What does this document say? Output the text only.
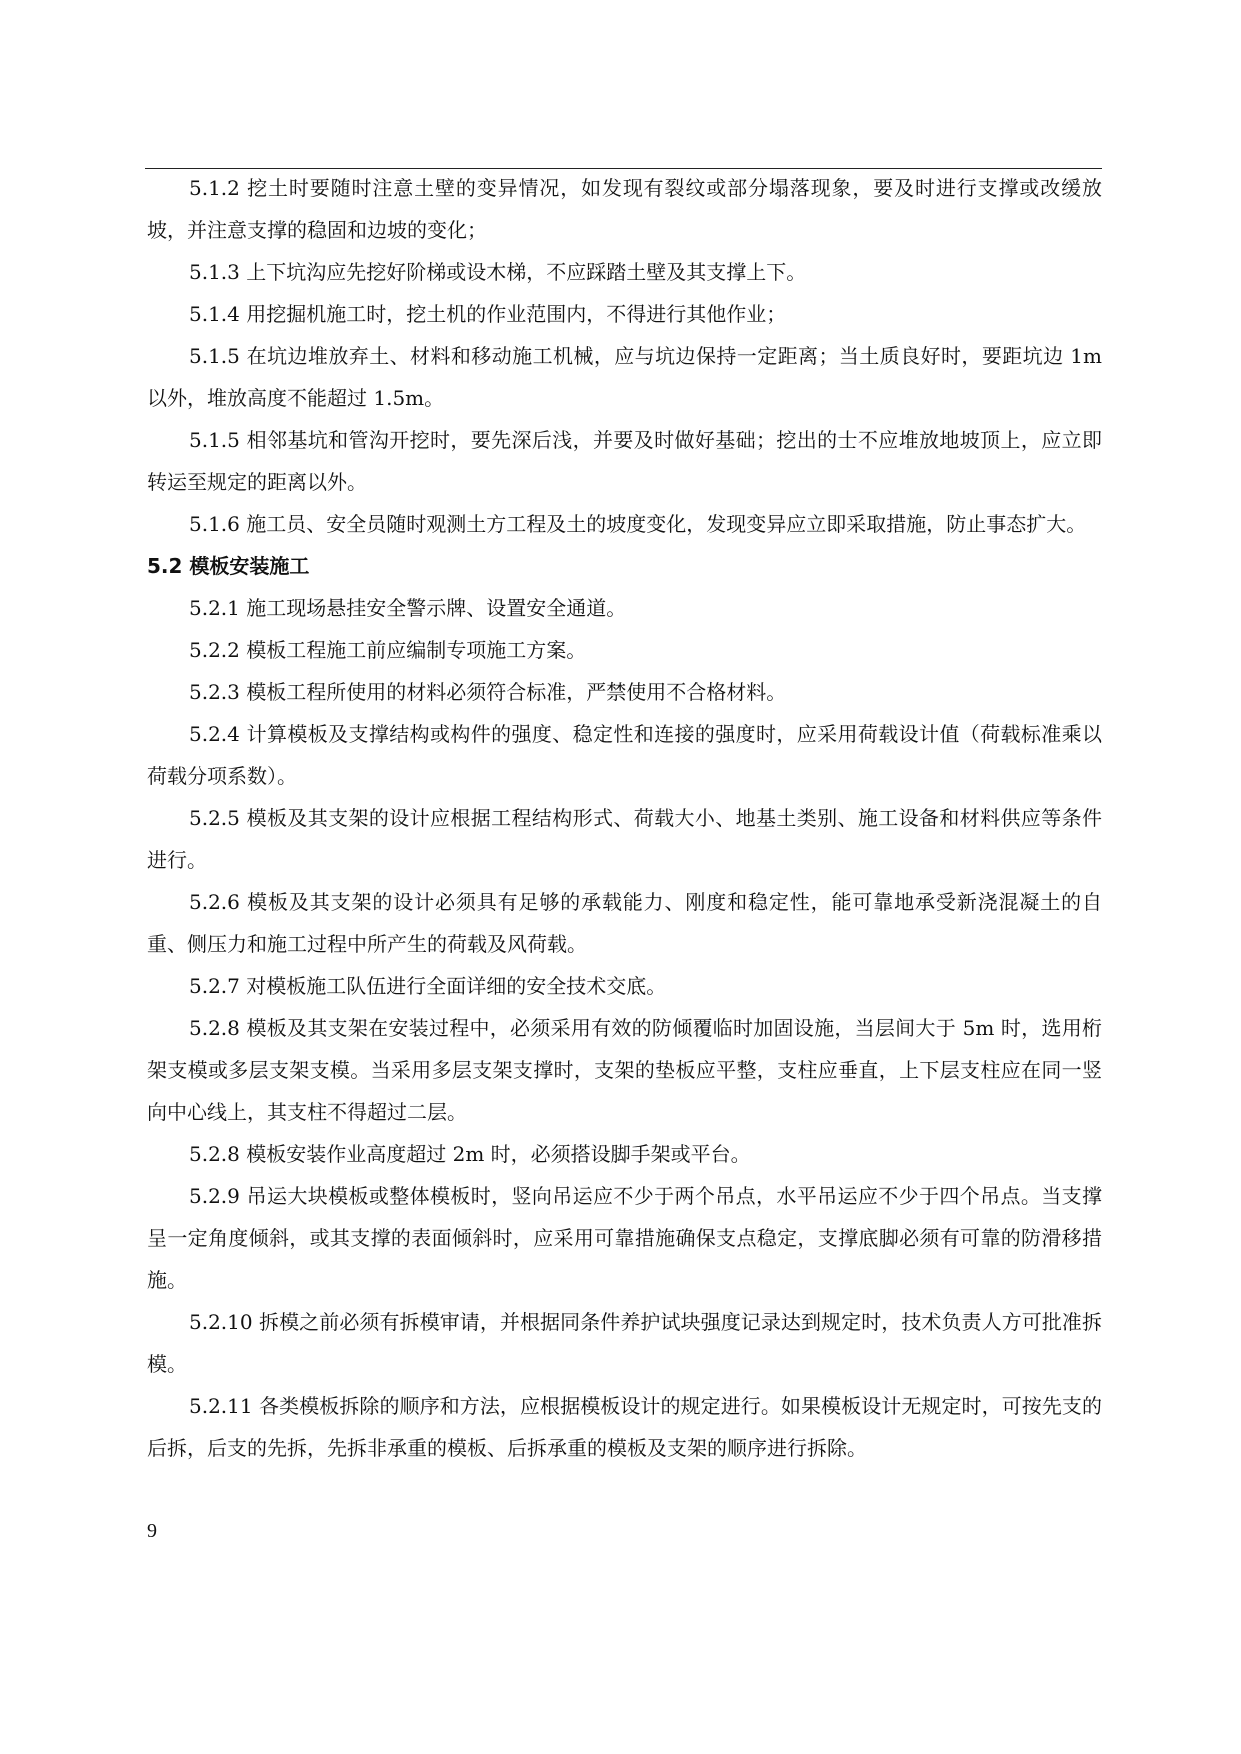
5.1.2 挖土时要随时注意土壁的变异情况，如发现有裂纹或部分塌落现象，要及时进行支撑或改缓放坡，并注意支撑的稳固和边坡的变化；

5.1.3 上下坑沟应先挖好阶梯或设木梯，不应踩踏土壁及其支撑上下。

5.1.4 用挖掘机施工时，挖土机的作业范围内，不得进行其他作业；

5.1.5 在坑边堆放弃土、材料和移动施工机械，应与坑边保持一定距离；当土质良好时，要距坑边 1m 以外，堆放高度不能超过 1.5m。

5.1.5 相邻基坑和管沟开挖时，要先深后浅，并要及时做好基础；挖出的士不应堆放地坡顶上，应立即转运至规定的距离以外。

5.1.6 施工员、安全员随时观测土方工程及土的坡度变化，发现变异应立即采取措施，防止事态扩大。

5.2 模板安装施工

5.2.1 施工现场悬挂安全警示牌、设置安全通道。

5.2.2 模板工程施工前应编制专项施工方案。

5.2.3 模板工程所使用的材料必须符合标准，严禁使用不合格材料。

5.2.4 计算模板及支撑结构或构件的强度、稳定性和连接的强度时，应采用荷载设计值（荷载标准乘以荷载分项系数）。

5.2.5 模板及其支架的设计应根据工程结构形式、荷载大小、地基土类别、施工设备和材料供应等条件进行。

5.2.6 模板及其支架的设计必须具有足够的承载能力、刚度和稳定性，能可靠地承受新浇混凝土的自重、侧压力和施工过程中所产生的荷载及风荷载。

5.2.7 对模板施工队伍进行全面详细的安全技术交底。

5.2.8 模板及其支架在安装过程中，必须采用有效的防倾覆临时加固设施，当层间大于 5m 时，选用桁架支模或多层支架支模。当采用多层支架支撑时，支架的垫板应平整，支柱应垂直，上下层支柱应在同一竖向中心线上，其支柱不得超过二层。

5.2.8 模板安装作业高度超过 2m 时，必须搭设脚手架或平台。

5.2.9 吊运大块模板或整体模板时，竖向吊运应不少于两个吊点，水平吊运应不少于四个吊点。当支撑呈一定角度倾斜，或其支撑的表面倾斜时，应采用可靠措施确保支点稳定，支撑底脚必须有可靠的防滑移措施。

5.2.10 拆模之前必须有拆模审请，并根据同条件养护试块强度记录达到规定时，技术负责人方可批准拆模。

5.2.11 各类模板拆除的顺序和方法，应根据模板设计的规定进行。如果模板设计无规定时，可按先支的后拆，后支的先拆，先拆非承重的模板、后拆承重的模板及支架的顺序进行拆除。

9
